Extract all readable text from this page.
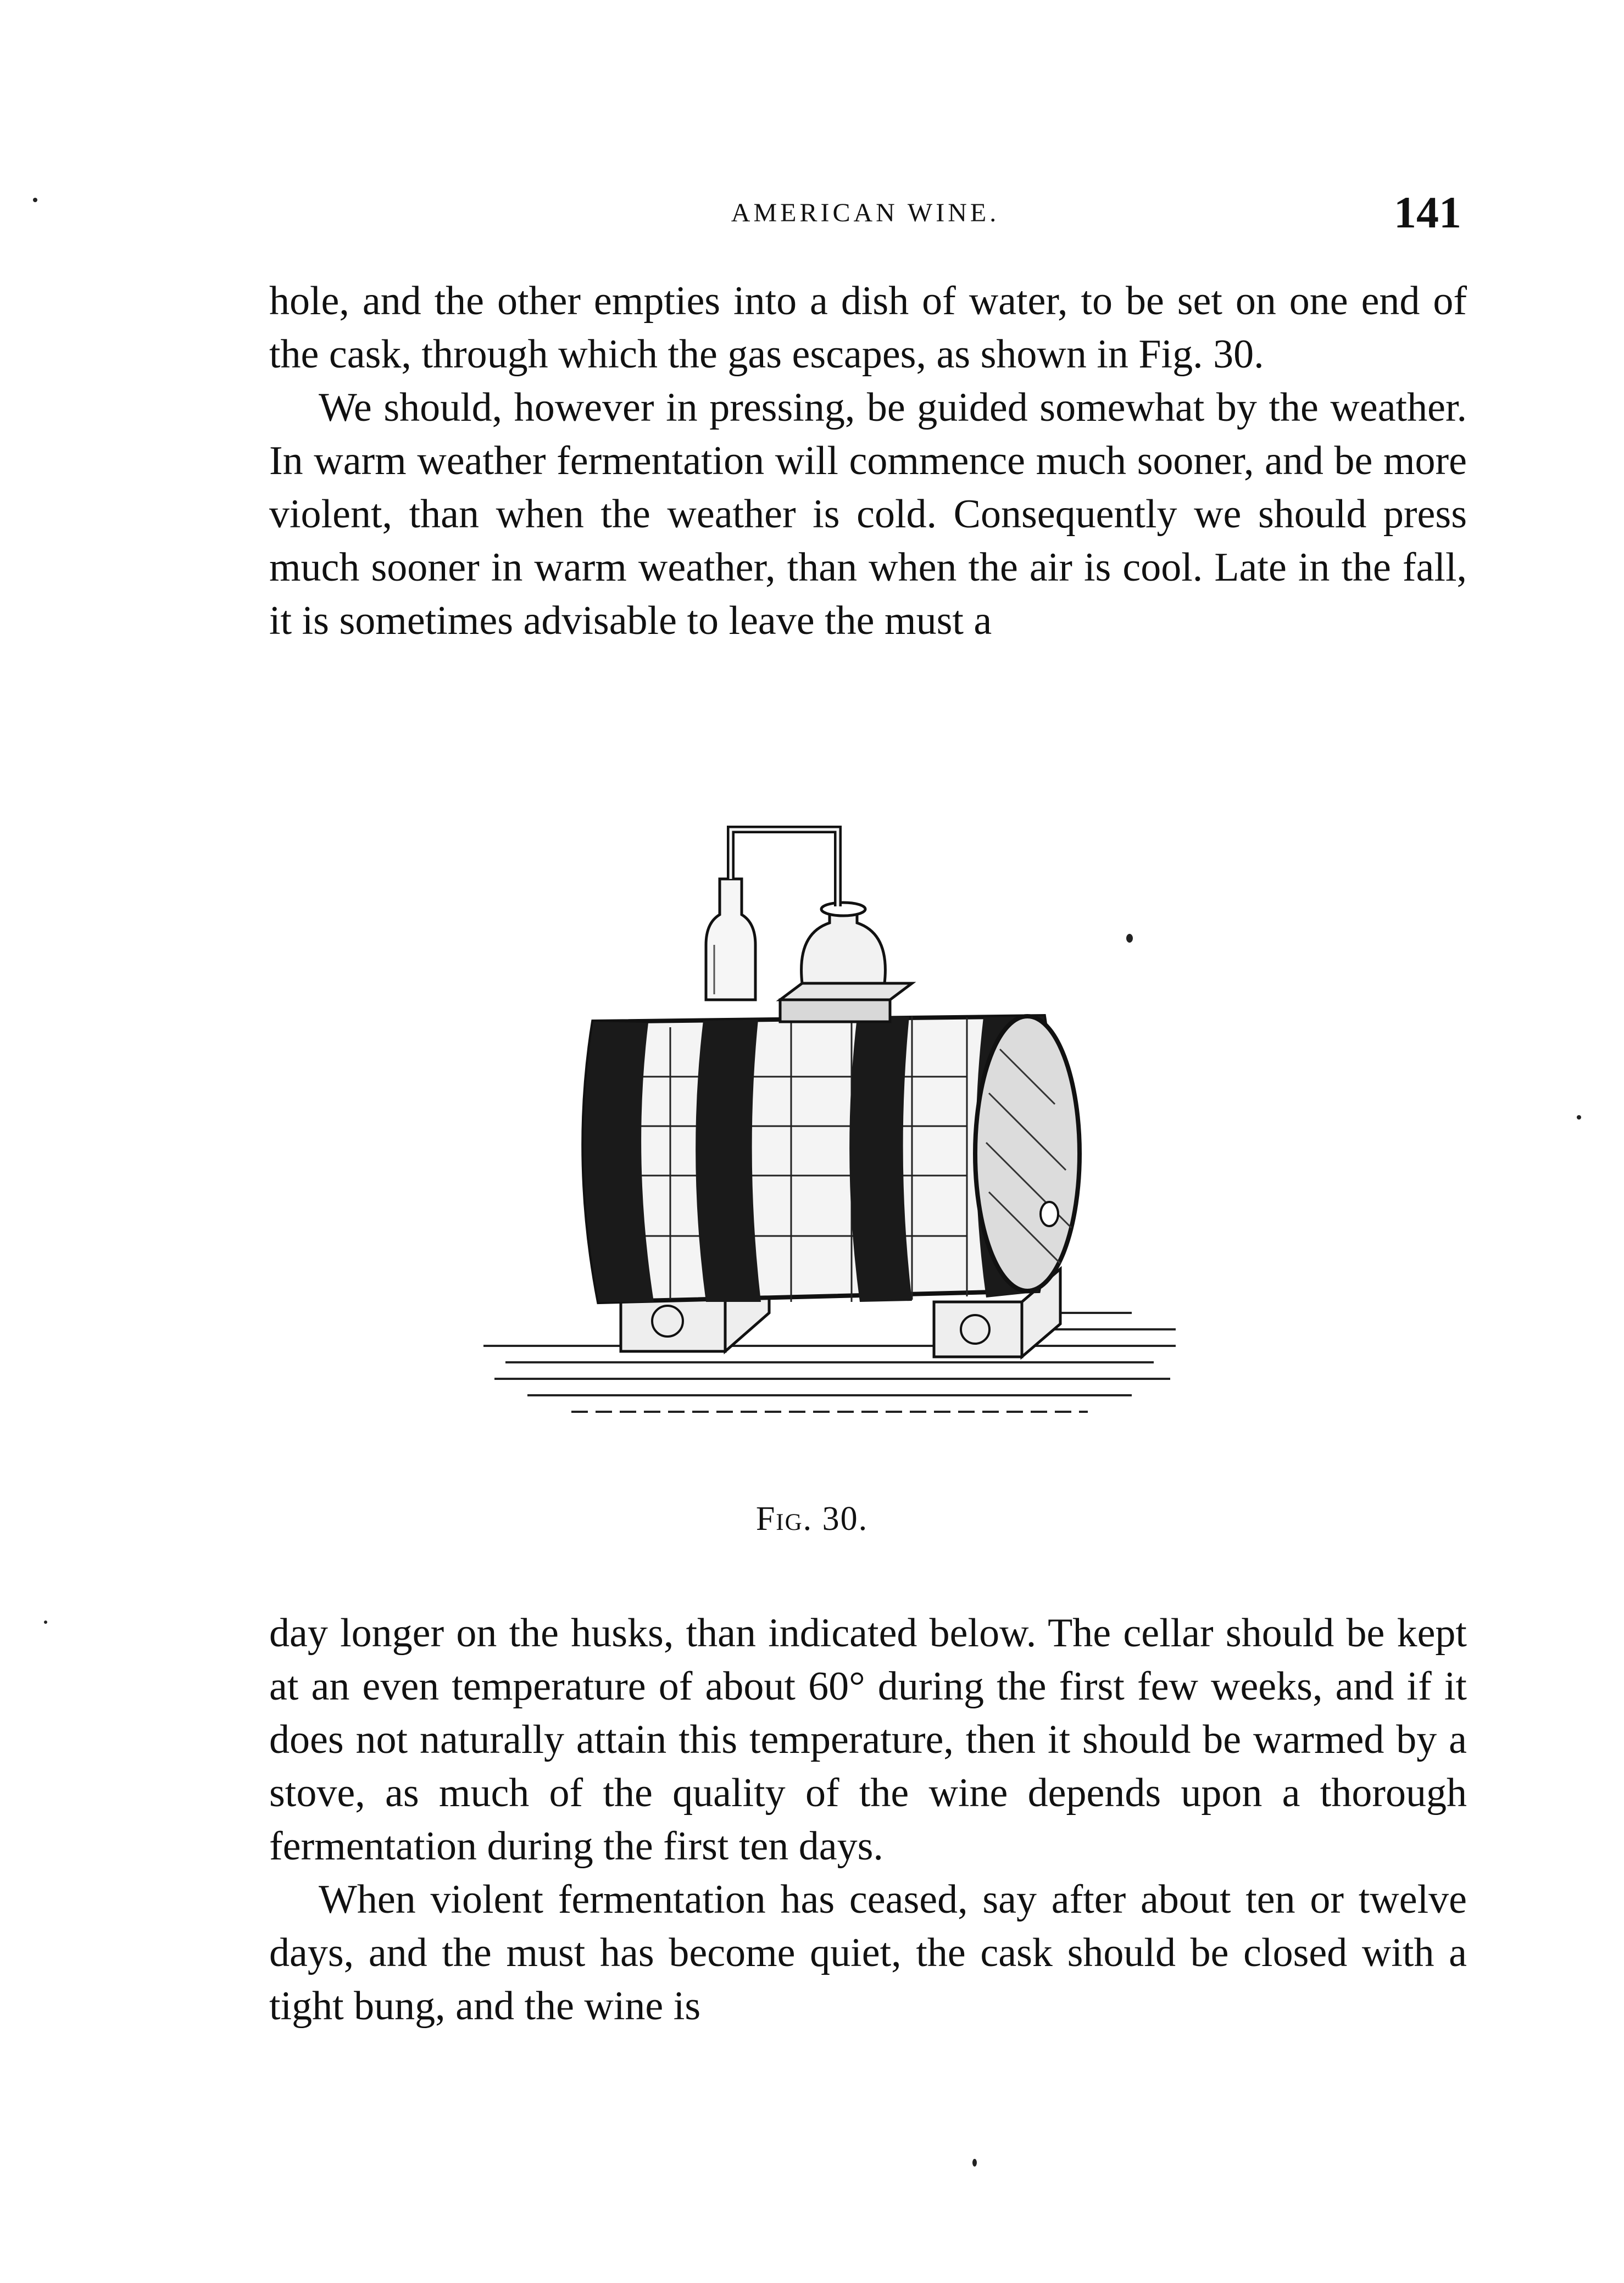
AMERICAN WINE.	141

hole, and the other empties into a dish of water, to be set on one end of the cask, through which the gas escapes, as shown in Fig. 30.

We should, however in pressing, be guided somewhat by the weather. In warm weather fermentation will commence much sooner, and be more violent, than when the weather is cold. Consequently we should press much sooner in warm weather, than when the air is cool. Late in the fall, it is sometimes advisable to leave the must a

Fig. 30.

day longer on the husks, than indicated below. The cellar should be kept at an even temperature of about 60° during the first few weeks, and if it does not naturally attain this temperature, then it should be warmed by a stove, as much of the quality of the wine depends upon a thorough fermentation during the first ten days.

When violent fermentation has ceased, say after about ten or twelve days, and the must has become quiet, the cask should be closed with a tight bung, and the wine is
